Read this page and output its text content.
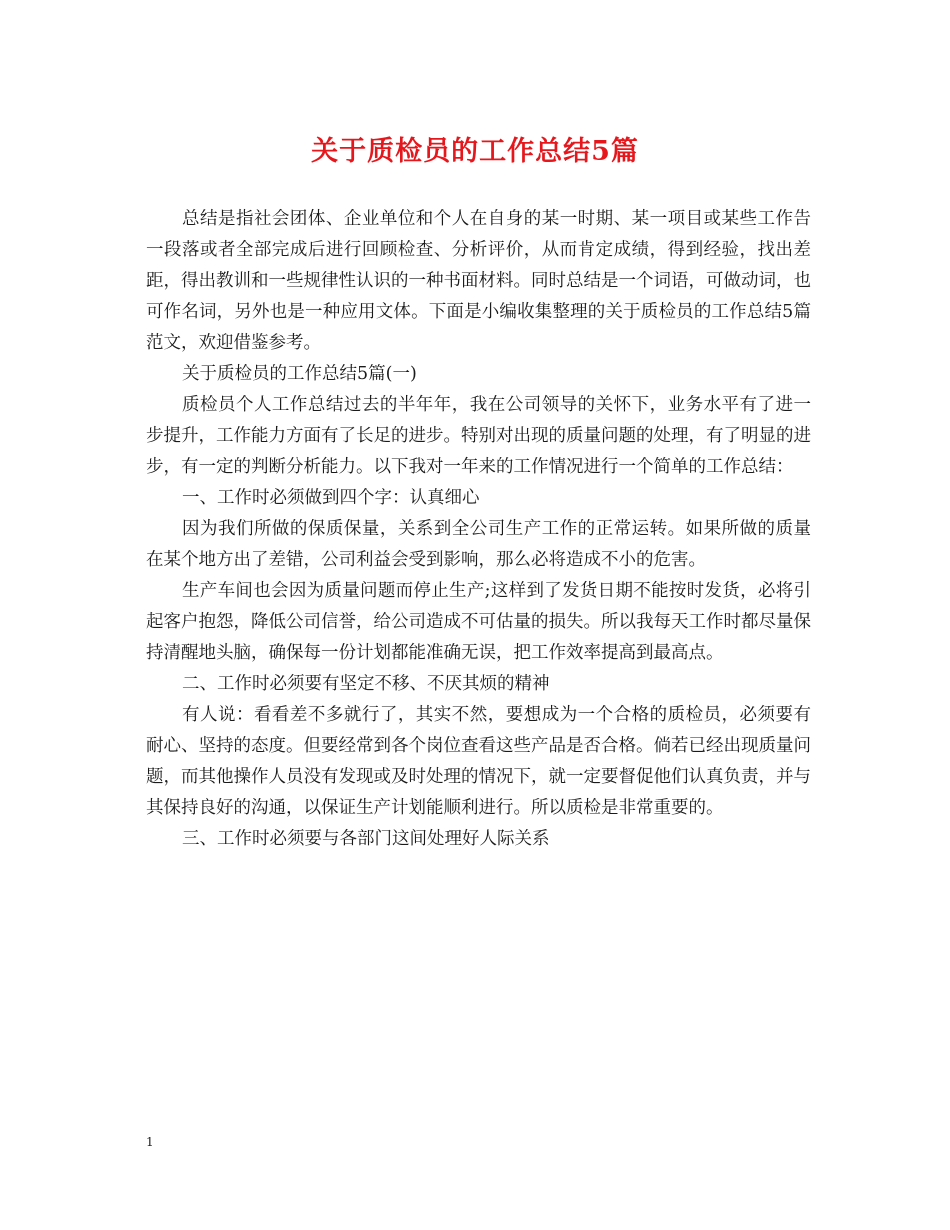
关于质检员的工作总结5篇

总结是指社会团体、企业单位和个人在自身的某一时期、某一项目或某些工作告一段落或者全部完成后进行回顾检查、分析评价，从而肯定成绩，得到经验，找出差距，得出教训和一些规律性认识的一种书面材料。同时总结是一个词语，可做动词，也可作名词，另外也是一种应用文体。下面是小编收集整理的关于质检员的工作总结5篇范文，欢迎借鉴参考。

关于质检员的工作总结5篇(一)

质检员个人工作总结过去的半年年，我在公司领导的关怀下，业务水平有了进一步提升，工作能力方面有了长足的进步。特别对出现的质量问题的处理，有了明显的进步，有一定的判断分析能力。以下我对一年来的工作情况进行一个简单的工作总结：

一、工作时必须做到四个字：认真细心

因为我们所做的保质保量，关系到全公司生产工作的正常运转。如果所做的质量在某个地方出了差错，公司利益会受到影响，那么必将造成不小的危害。

生产车间也会因为质量问题而停止生产;这样到了发货日期不能按时发货，必将引起客户抱怨，降低公司信誉，给公司造成不可估量的损失。所以我每天工作时都尽量保持清醒地头脑，确保每一份计划都能准确无误，把工作效率提高到最高点。

二、工作时必须要有坚定不移、不厌其烦的精神

有人说：看看差不多就行了，其实不然，要想成为一个合格的质检员，必须要有耐心、坚持的态度。但要经常到各个岗位查看这些产品是否合格。倘若已经出现质量问题，而其他操作人员没有发现或及时处理的情况下，就一定要督促他们认真负责，并与其保持良好的沟通，以保证生产计划能顺利进行。所以质检是非常重要的。

三、工作时必须要与各部门这间处理好人际关系

1
